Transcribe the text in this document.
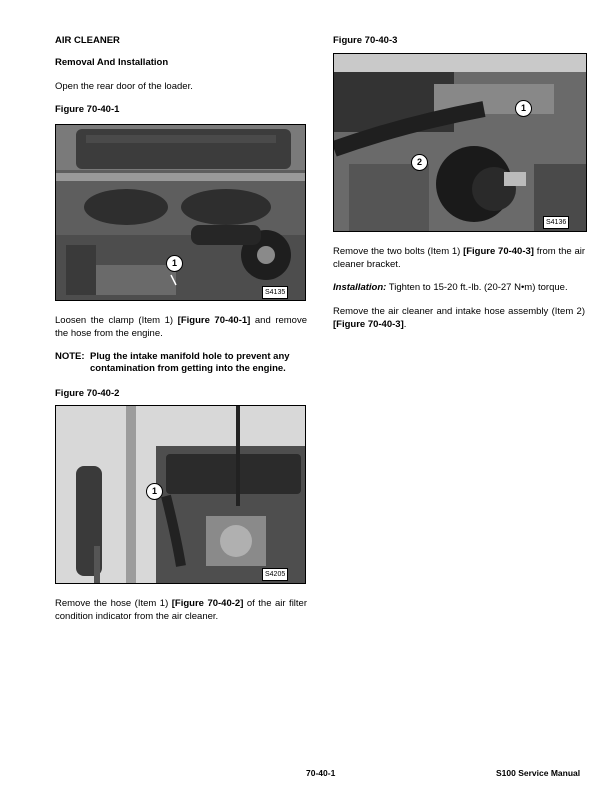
AIR CLEANER
Removal And Installation
Open the rear door of the loader.
Figure 70-40-1
1
S4135
Loosen the clamp (Item 1) [Figure 70-40-1] and remove the hose from the engine.
NOTE: Plug the intake manifold hole to prevent any
contamination from getting into the engine.
Figure 70-40-2
1
S4205
Remove the hose (Item 1) [Figure 70-40-2] of the air filter condition indicator from the air cleaner.
Figure 70-40-3
1
2
S4136
Remove the two bolts (Item 1) [Figure 70-40-3] from the air cleaner bracket.
Installation: Tighten to 15-20 ft.-lb. (20-27 N•m) torque.
Remove the air cleaner and intake hose assembly (Item 2) [Figure 70-40-3].
70-40-1	S100 Service Manual
